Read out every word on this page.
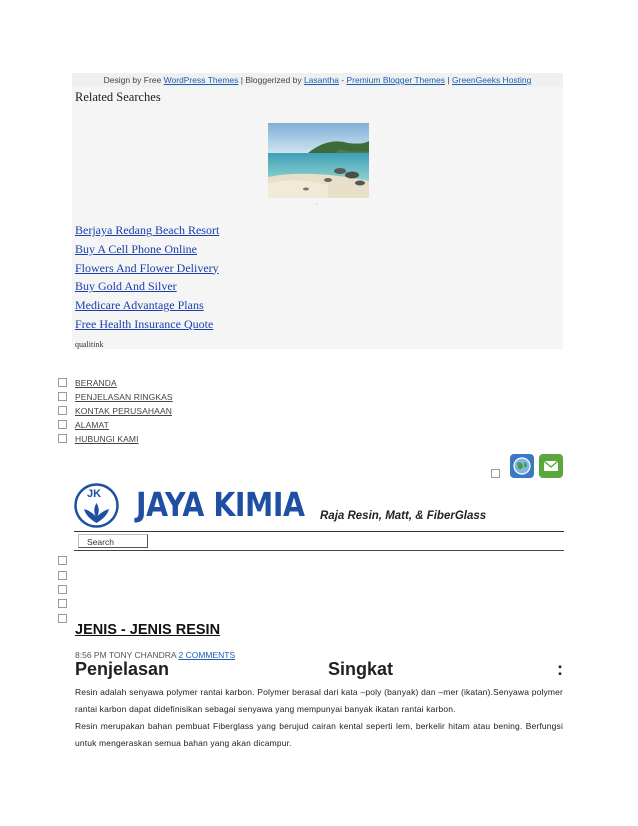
Design by Free WordPress Themes | Bloggerized by Lasantha - Premium Blogger Themes | GreenGeeks Hosting
Related Searches
-
Berjaya Redang Beach Resort
Buy A Cell Phone Online
Flowers And Flower Delivery
Buy Gold And Silver
Medicare Advantage Plans
Free Health Insurance Quote
qualitink
BERANDA
PENJELASAN RINGKAS
KONTAK PERUSAHAAN
ALAMAT
HUBUNGI KAMI
JK JAYA KIMIA Raja Resin, Matt, & FiberGlass
Search
JENIS - JENIS RESIN
8:56 PM TONY CHANDRA 2 COMMENTS
Penjelasan	Singkat	:

Resin adalah senyawa polymer rantai karbon. Polymer berasal dari kata –poly (banyak) dan –mer (ikatan).Senyawa polymer rantai karbon dapat didefinisikan sebagai senyawa yang mempunyai banyak ikatan rantai karbon.

Resin merupakan bahan pembuat Fiberglass yang berujud cairan kental seperti lem, berkelir hitam atau bening. Berfungsi untuk mengeraskan semua bahan yang akan dicampur.
